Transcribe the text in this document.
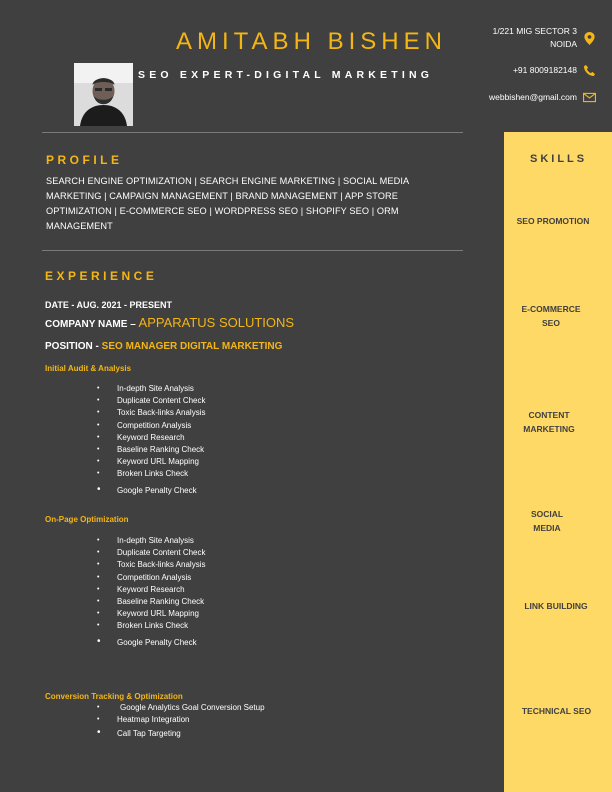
AMITABH BISHEN
SEO EXPERT-DIGITAL MARKETING
1/221 MIG SECTOR 3
NOIDA
+91 8009182148
webbishen@gmail.com
PROFILE
SEARCH ENGINE OPTIMIZATION | SEARCH ENGINE MARKETING | SOCIAL MEDIA MARKETING | CAMPAIGN MANAGEMENT | BRAND MANAGEMENT | APP STORE OPTIMIZATION | E-COMMERCE SEO | WORDPRESS SEO | SHOPIFY SEO | ORM MANAGEMENT
EXPERIENCE
DATE - AUG. 2021 - PRESENT
COMPANY NAME – APPARATUS SOLUTIONS
POSITION - SEO MANAGER DIGITAL MARKETING
Initial Audit & Analysis
• In-depth Site Analysis
• Duplicate Content Check
• Toxic Back-links Analysis
• Competition Analysis
• Keyword Research
• Baseline Ranking Check
• Keyword URL Mapping
• Broken Links Check
• Google Penalty Check
On-Page Optimization
• In-depth Site Analysis
• Duplicate Content Check
• Toxic Back-links Analysis
• Competition Analysis
• Keyword Research
• Baseline Ranking Check
• Keyword URL Mapping
• Broken Links Check
• Google Penalty Check
Conversion Tracking & Optimization
• Google Analytics Goal Conversion Setup
• Heatmap Integration
• Call Tap Targeting
SKILLS
SEO PROMOTION
E-COMMERCE
SEO
CONTENT
MARKETING
SOCIAL
MEDIA
LINK BUILDING
TECHNICAL SEO
